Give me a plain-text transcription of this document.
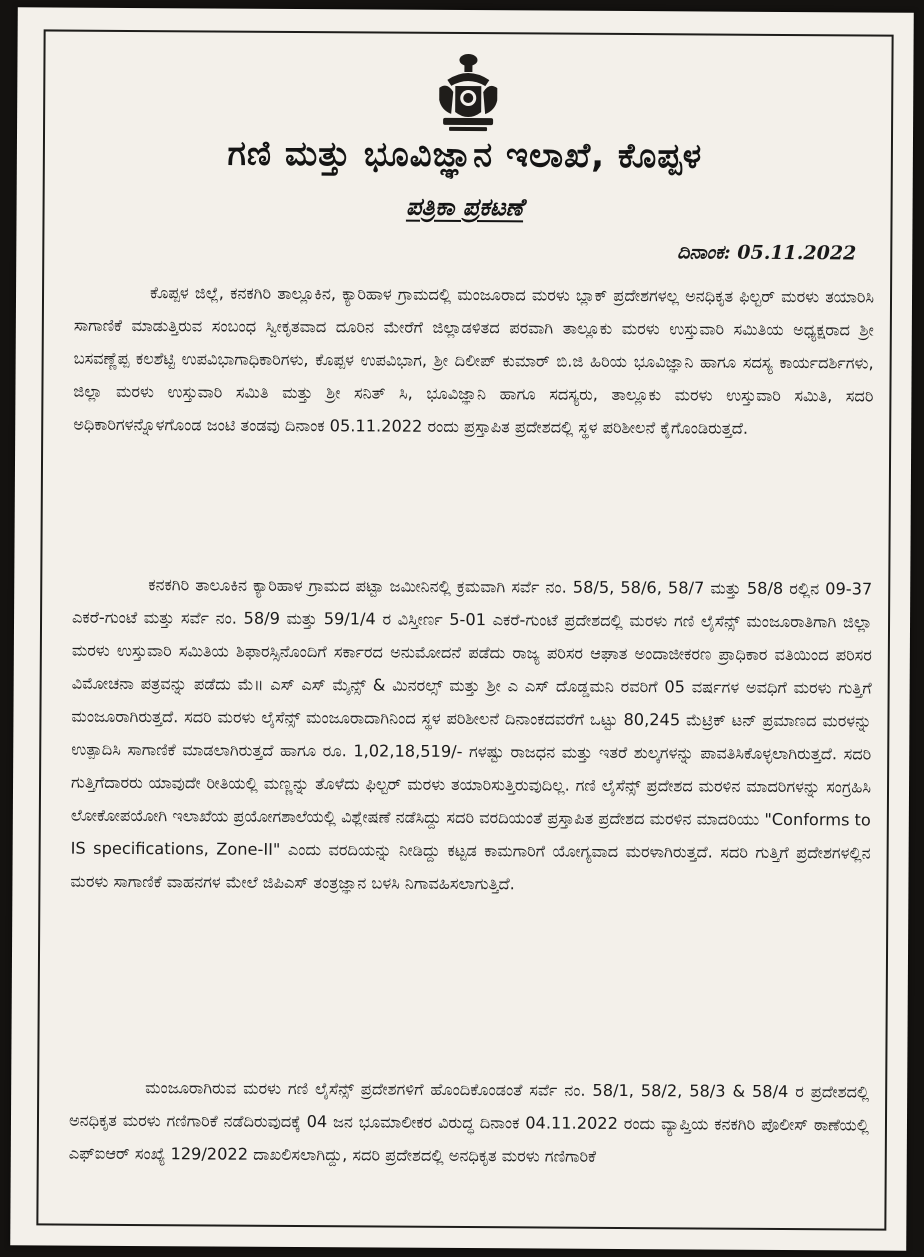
ಗಣಿ ಮತ್ತು ಭೂವಿಜ್ಞಾನ ಇಲಾಖೆ, ಕೊಪ್ಪಳ
ಪತ್ರಿಕಾ ಪ್ರಕಟಣೆ
ದಿನಾಂಕ: 05.11.2022

ಕೊಪ್ಪಳ ಜಿಲ್ಲೆ, ಕನಕಗಿರಿ ತಾಲ್ಲೂಕಿನ, ಕ್ಯಾರಿಹಾಳ ಗ್ರಾಮದಲ್ಲಿ ಮಂಜೂರಾದ ಮರಳು ಬ್ಲಾಕ್ ಪ್ರದೇಶಗಳಲ್ಲ ಅನಧಿಕೃತ ಫಿಲ್ಟರ್ ಮರಳು ತಯಾರಿಸಿ ಸಾಗಾಣಿಕೆ ಮಾಡುತ್ತಿರುವ ಸಂಬಂಧ ಸ್ವೀಕೃತವಾದ ದೂರಿನ ಮೇರೆಗೆ ಜಿಲ್ಲಾಡಳಿತದ ಪರವಾಗಿ ತಾಲ್ಲೂಕು ಮರಳು ಉಸ್ತುವಾರಿ ಸಮಿತಿಯ ಅಧ್ಯಕ್ಷರಾದ ಶ್ರೀ ಬಸವಣ್ಣೆಪ್ಪ ಕಲಶೆಟ್ಟಿ ಉಪವಿಭಾಗಾಧಿಕಾರಿಗಳು, ಕೊಪ್ಪಳ ಉಪವಿಭಾಗ, ಶ್ರೀ ದಿಲೀಪ್ ಕುಮಾರ್ ಬಿ.ಜಿ ಹಿರಿಯ ಭೂವಿಜ್ಞಾನಿ ಹಾಗೂ ಸದಸ್ಯ ಕಾರ್ಯದರ್ಶಿಗಳು, ಜಿಲ್ಲಾ ಮರಳು ಉಸ್ತುವಾರಿ ಸಮಿತಿ ಮತ್ತು ಶ್ರೀ ಸನಿತ್ ಸಿ, ಭೂವಿಜ್ಞಾನಿ ಹಾಗೂ ಸದಸ್ಯರು, ತಾಲ್ಲೂಕು ಮರಳು ಉಸ್ತುವಾರಿ ಸಮಿತಿ, ಸದರಿ ಅಧಿಕಾರಿಗಳನ್ನೊಳಗೊಂಡ ಜಂಟಿ ತಂಡವು ದಿನಾಂಕ 05.11.2022 ರಂದು ಪ್ರಸ್ತಾಪಿತ ಪ್ರದೇಶದಲ್ಲಿ ಸ್ಥಳ ಪರಿಶೀಲನೆ ಕೈಗೊಂಡಿರುತ್ತದೆ.

ಕನಕಗಿರಿ ತಾಲೂಕಿನ ಕ್ಯಾರಿಹಾಳ ಗ್ರಾಮದ ಪಟ್ಟಾ ಜಮೀನಿನಲ್ಲಿ ಕ್ರಮವಾಗಿ ಸರ್ವೆ ನಂ. 58/5, 58/6, 58/7 ಮತ್ತು 58/8 ರಲ್ಲಿನ 09-37 ಎಕರೆ-ಗುಂಟೆ ಮತ್ತು ಸರ್ವೆ ನಂ. 58/9 ಮತ್ತು 59/1/4 ರ ವಿಸ್ತೀರ್ಣ 5-01 ಎಕರೆ-ಗುಂಟೆ ಪ್ರದೇಶದಲ್ಲಿ ಮರಳು ಗಣಿ ಲೈಸೆನ್ಸ್ ಮಂಜೂರಾತಿಗಾಗಿ ಜಿಲ್ಲಾ ಮರಳು ಉಸ್ತುವಾರಿ ಸಮಿತಿಯ ಶಿಫಾರಸ್ಸಿನೊಂದಿಗೆ ಸರ್ಕಾರದ ಅನುಮೋದನೆ ಪಡೆದು ರಾಜ್ಯ ಪರಿಸರ ಆಘಾತ ಅಂದಾಜೀಕರಣ ಪ್ರಾಧಿಕಾರ ವತಿಯಿಂದ ಪರಿಸರ ವಿಮೋಚನಾ ಪತ್ರವನ್ನು ಪಡೆದು ಮೆ॥ ಎಸ್ ಎಸ್ ಮೈನ್ಸ್ & ಮಿನರಲ್ಸ್ ಮತ್ತು ಶ್ರೀ ಎ ಎಸ್ ದೊಡ್ಡಮನಿ ರವರಿಗೆ 05 ವರ್ಷಗಳ ಅವಧಿಗೆ ಮರಳು ಗುತ್ತಿಗೆ ಮಂಜೂರಾಗಿರುತ್ತದೆ. ಸದರಿ ಮರಳು ಲೈಸೆನ್ಸ್ ಮಂಜೂರಾದಾಗಿನಿಂದ ಸ್ಥಳ ಪರಿಶೀಲನೆ ದಿನಾಂಕದವರೆಗೆ ಒಟ್ಟು 80,245 ಮೆಟ್ರಿಕ್ ಟನ್ ಪ್ರಮಾಣದ ಮರಳನ್ನು ಉತ್ಪಾದಿಸಿ ಸಾಗಾಣಿಕೆ ಮಾಡಲಾಗಿರುತ್ತದೆ ಹಾಗೂ ರೂ. 1,02,18,519/- ಗಳಷ್ಟು ರಾಜಧನ ಮತ್ತು ಇತರೆ ಶುಲ್ಕಗಳನ್ನು ಪಾವತಿಸಿಕೊಳ್ಳಲಾಗಿರುತ್ತದೆ. ಸದರಿ ಗುತ್ತಿಗೆದಾರರು ಯಾವುದೇ ರೀತಿಯಲ್ಲಿ ಮಣ್ಣನ್ನು ತೊಳೆದು ಫಿಲ್ಟರ್ ಮರಳು ತಯಾರಿಸುತ್ತಿರುವುದಿಲ್ಲ. ಗಣಿ ಲೈಸೆನ್ಸ್ ಪ್ರದೇಶದ ಮರಳಿನ ಮಾದರಿಗಳನ್ನು ಸಂಗ್ರಹಿಸಿ ಲೋಕೋಪಯೋಗಿ ಇಲಾಖೆಯ ಪ್ರಯೋಗಶಾಲೆಯಲ್ಲಿ ವಿಶ್ಲೇಷಣೆ ನಡೆಸಿದ್ದು ಸದರಿ ವರದಿಯಂತೆ ಪ್ರಸ್ತಾಪಿತ ಪ್ರದೇಶದ ಮರಳಿನ ಮಾದರಿಯು "Conforms to IS specifications, Zone-II" ಎಂದು ವರದಿಯನ್ನು ನೀಡಿದ್ದು ಕಟ್ಟಡ ಕಾಮಗಾರಿಗೆ ಯೋಗ್ಯವಾದ ಮರಳಾಗಿರುತ್ತದೆ. ಸದರಿ ಗುತ್ತಿಗೆ ಪ್ರದೇಶಗಳಲ್ಲಿನ ಮರಳು ಸಾಗಾಣಿಕೆ ವಾಹನಗಳ ಮೇಲೆ ಜಿಪಿಎಸ್ ತಂತ್ರಜ್ಞಾನ ಬಳಸಿ ನಿಗಾವಹಿಸಲಾಗುತ್ತಿದೆ.

ಮಂಜೂರಾಗಿರುವ ಮರಳು ಗಣಿ ಲೈಸೆನ್ಸ್ ಪ್ರದೇಶಗಳಿಗೆ ಹೊಂದಿಕೊಂಡಂತೆ ಸರ್ವೆ ನಂ. 58/1, 58/2, 58/3 & 58/4 ರ ಪ್ರದೇಶದಲ್ಲಿ ಅನಧಿಕೃತ ಮರಳು ಗಣಿಗಾರಿಕೆ ನಡೆದಿರುವುದಕ್ಕೆ 04 ಜನ ಭೂಮಾಲೀಕರ ವಿರುದ್ಧ ದಿನಾಂಕ 04.11.2022 ರಂದು ವ್ಯಾಪ್ತಿಯ ಕನಕಗಿರಿ ಪೊಲೀಸ್ ಠಾಣೆಯಲ್ಲಿ ಎಫ್ಐಆರ್ ಸಂಖ್ಯೆ 129/2022 ದಾಖಲಿಸಲಾಗಿದ್ದು, ಸದರಿ ಪ್ರದೇಶದಲ್ಲಿ ಅನಧಿಕೃತ ಮರಳು ಗಣಿಗಾರಿಕೆ
